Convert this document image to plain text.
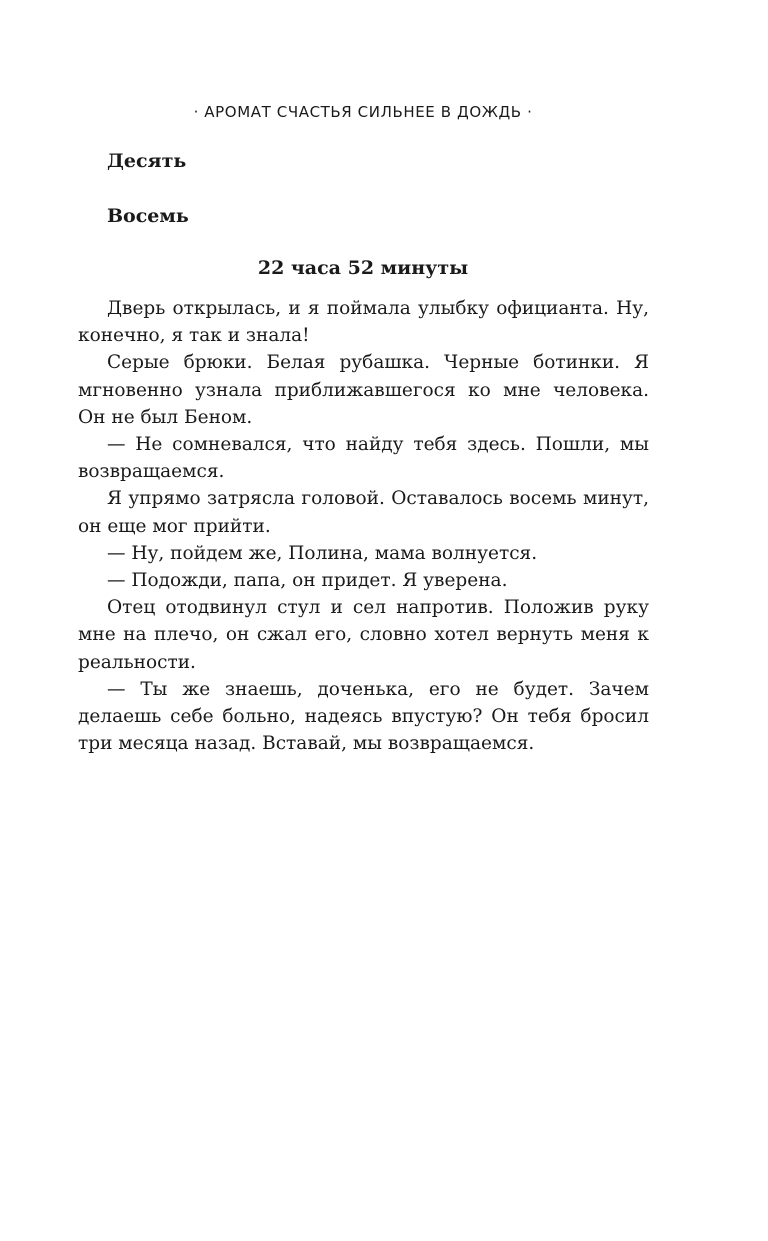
· АРОМАТ СЧАСТЬЯ СИЛЬНЕЕ В ДОЖДЬ ·
Десять
Восемь
22 часа 52 минуты

Дверь открылась, и я поймала улыбку официанта. Ну, конечно, я так и знала!

Серые брюки. Белая рубашка. Черные ботинки. Я мгновенно узнала приближавшегося ко мне человека. Он не был Беном.

— Не сомневался, что найду тебя здесь. Пошли, мы возвращаемся.

Я упрямо затрясла головой. Оставалось восемь минут, он еще мог прийти.

— Ну, пойдем же, Полина, мама волнуется.

— Подожди, папа, он придет. Я уверена.

Отец отодвинул стул и сел напротив. Положив руку мне на плечо, он сжал его, словно хотел вернуть меня к реальности.

— Ты же знаешь, доченька, его не будет. Зачем делаешь себе больно, надеясь впустую? Он тебя бросил три месяца назад. Вставай, мы возвращаемся.
